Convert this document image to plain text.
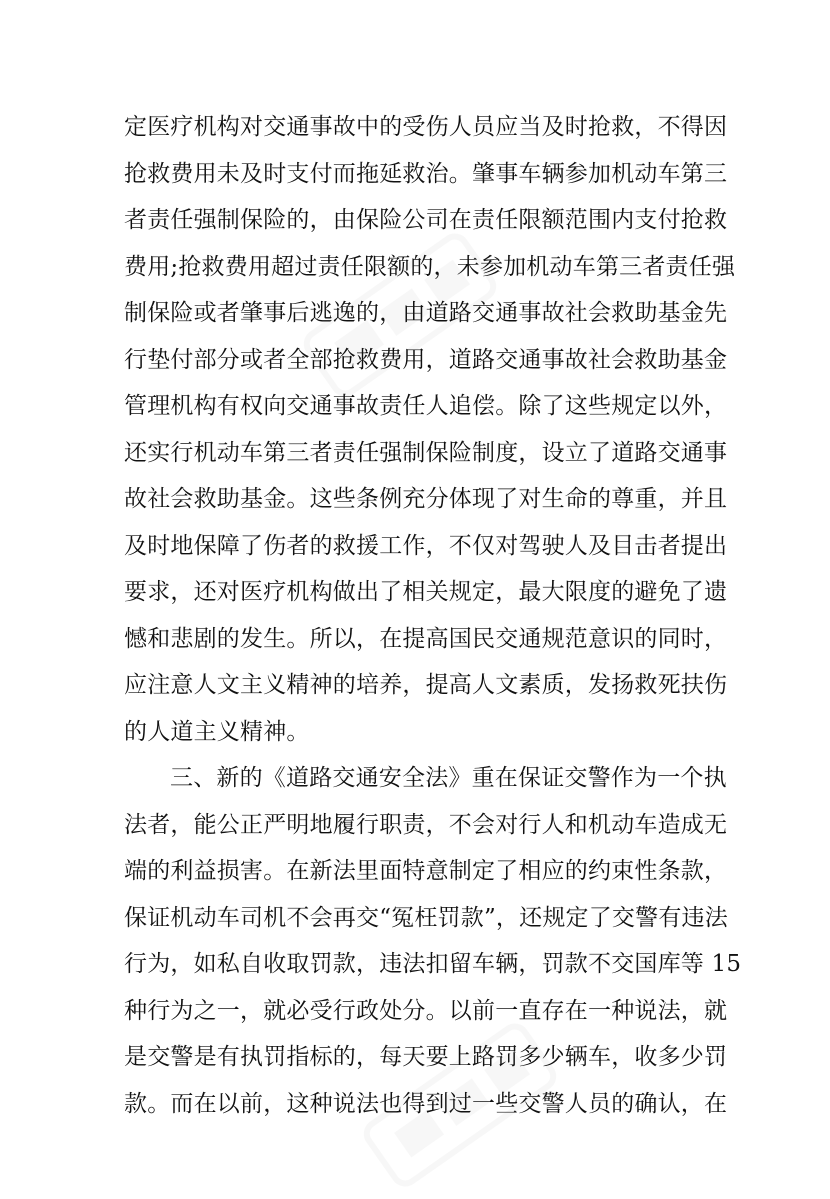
定医疗机构对交通事故中的受伤人员应当及时抢救，不得因
抢救费用未及时支付而拖延救治。肇事车辆参加机动车第三
者责任强制保险的，由保险公司在责任限额范围内支付抢救
费用;抢救费用超过责任限额的，未参加机动车第三者责任强
制保险或者肇事后逃逸的，由道路交通事故社会救助基金先
行垫付部分或者全部抢救费用，道路交通事故社会救助基金
管理机构有权向交通事故责任人追偿。除了这些规定以外，
还实行机动车第三者责任强制保险制度，设立了道路交通事
故社会救助基金。这些条例充分体现了对生命的尊重，并且
及时地保障了伤者的救援工作，不仅对驾驶人及目击者提出
要求，还对医疗机构做出了相关规定，最大限度的避免了遗
憾和悲剧的发生。所以，在提高国民交通规范意识的同时，
应注意人文主义精神的培养，提高人文素质，发扬救死扶伤
的人道主义精神。
三、新的《道路交通安全法》重在保证交警作为一个执
法者，能公正严明地履行职责，不会对行人和机动车造成无
端的利益损害。在新法里面特意制定了相应的约束性条款，
保证机动车司机不会再交“冤枉罚款”，还规定了交警有违法
行为，如私自收取罚款，违法扣留车辆，罚款不交国库等 15
种行为之一，就必受行政处分。以前一直存在一种说法，就
是交警是有执罚指标的，每天要上路罚多少辆车，收多少罚
款。而在以前，这种说法也得到过一些交警人员的确认，在
